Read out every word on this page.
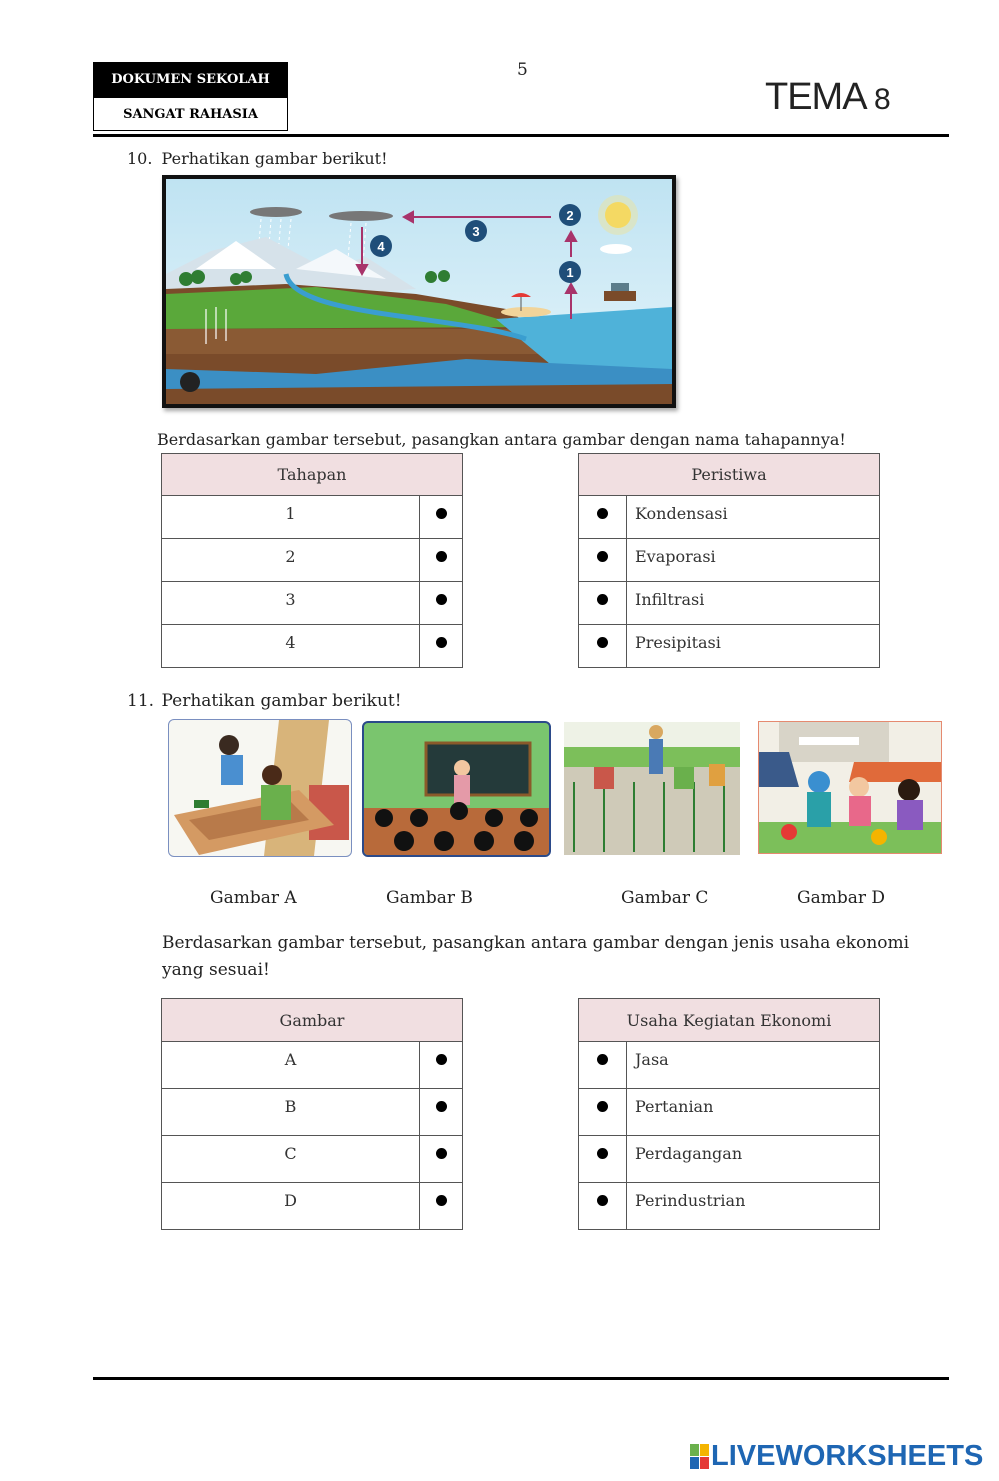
DOKUMEN SEKOLAH
SANGAT RAHASIA
5
TEMA 8
10. Perhatikan gambar berikut!
1
2
3
4
Berdasarkan gambar tersebut, pasangkan antara gambar dengan nama tahapannya!
Tahapan	
1	
2	
3	
4	
Peristiwa	
	Kondensasi
	Evaporasi
	Infiltrasi
	Presipitasi
11. Perhatikan gambar berikut!
Gambar A	Gambar B	Gambar C	Gambar D
Berdasarkan gambar tersebut, pasangkan antara gambar dengan jenis usaha ekonomi yang sesuai!
Gambar	
A	
B	
C	
D	
Usaha Kegiatan Ekonomi	
	Jasa
	Pertanian
	Perdagangan
	Perindustrian
LIVEWORKSHEETS
